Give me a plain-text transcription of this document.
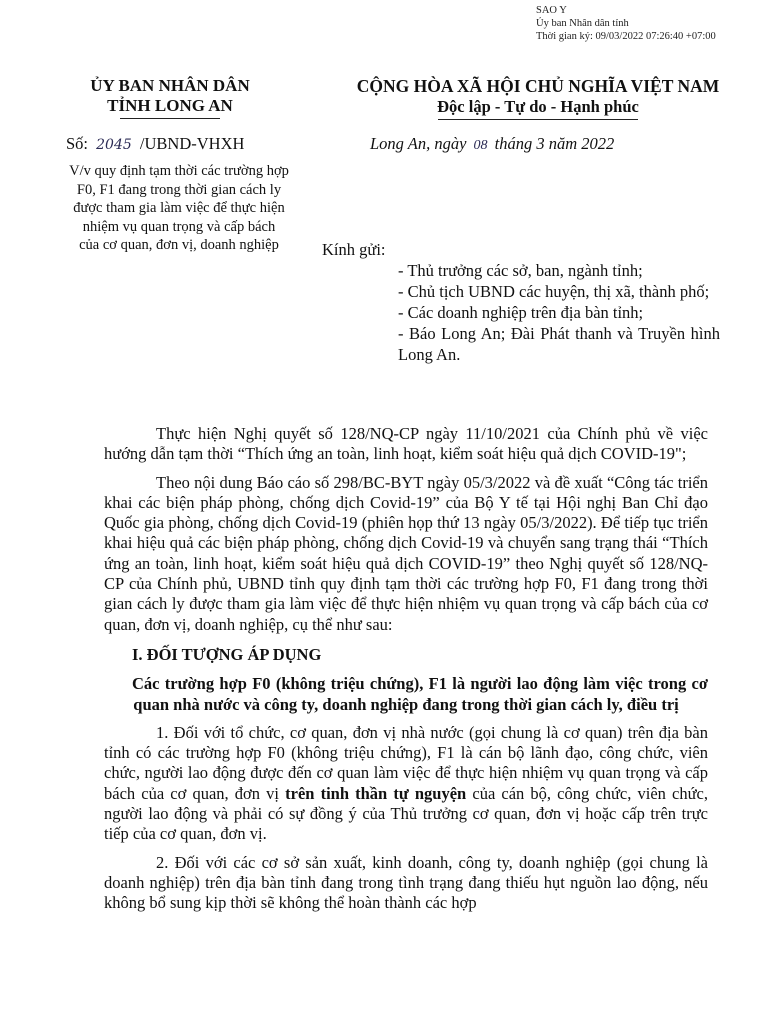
SAO Y
Ủy ban Nhân dân tỉnh
Thời gian ký: 09/03/2022 07:26:40 +07:00
ỦY BAN NHÂN DÂN
TỈNH LONG AN
CỘNG HÒA XÃ HỘI CHỦ NGHĨA VIỆT NAM
Độc lập - Tự do - Hạnh phúc
Số: 2045 /UBND-VHXH	Long An, ngày 08 tháng 3 năm 2022
V/v quy định tạm thời các trường hợp
F0, F1 đang trong thời gian cách ly
được tham gia làm việc để thực hiện
nhiệm vụ quan trọng và cấp bách
của cơ quan, đơn vị, doanh nghiệp	Kính gửi:
- Thủ trưởng các sở, ban, ngành tỉnh;
- Chủ tịch UBND các huyện, thị xã, thành phố;
- Các doanh nghiệp trên địa bàn tỉnh;
- Báo Long An; Đài Phát thanh và Truyền hình Long An.

Thực hiện Nghị quyết số 128/NQ-CP ngày 11/10/2021 của Chính phủ về việc hướng dẫn tạm thời “Thích ứng an toàn, linh hoạt, kiểm soát hiệu quả dịch COVID-19";

Theo nội dung Báo cáo số 298/BC-BYT ngày 05/3/2022 và đề xuất “Công tác triển khai các biện pháp phòng, chống dịch Covid-19” của Bộ Y tế tại Hội nghị Ban Chỉ đạo Quốc gia phòng, chống dịch Covid-19 (phiên họp thứ 13 ngày 05/3/2022). Để tiếp tục triển khai hiệu quả các biện pháp phòng, chống dịch Covid-19 và chuyển sang trạng thái “Thích ứng an toàn, linh hoạt, kiểm soát hiệu quả dịch COVID-19” theo Nghị quyết số 128/NQ-CP của Chính phủ, UBND tỉnh quy định tạm thời các trường hợp F0, F1 đang trong thời gian cách ly được tham gia làm việc để thực hiện nhiệm vụ quan trọng và cấp bách của cơ quan, đơn vị, doanh nghiệp, cụ thể như sau:

I. ĐỐI TƯỢNG ÁP DỤNG

Các trường hợp F0 (không triệu chứng), F1 là người lao động làm việc trong cơ quan nhà nước và công ty, doanh nghiệp đang trong thời gian cách ly, điều trị

1. Đối với tổ chức, cơ quan, đơn vị nhà nước (gọi chung là cơ quan) trên địa bàn tỉnh có các trường hợp F0 (không triệu chứng), F1 là cán bộ lãnh đạo, công chức, viên chức, người lao động được đến cơ quan làm việc để thực hiện nhiệm vụ quan trọng và cấp bách của cơ quan, đơn vị trên tinh thần tự nguyện của cán bộ, công chức, viên chức, người lao động và phải có sự đồng ý của Thủ trưởng cơ quan, đơn vị hoặc cấp trên trực tiếp của cơ quan, đơn vị.

2. Đối với các cơ sở sản xuất, kinh doanh, công ty, doanh nghiệp (gọi chung là doanh nghiệp) trên địa bàn tỉnh đang trong tình trạng đang thiếu hụt nguồn lao động, nếu không bổ sung kịp thời sẽ không thể hoàn thành các hợp
